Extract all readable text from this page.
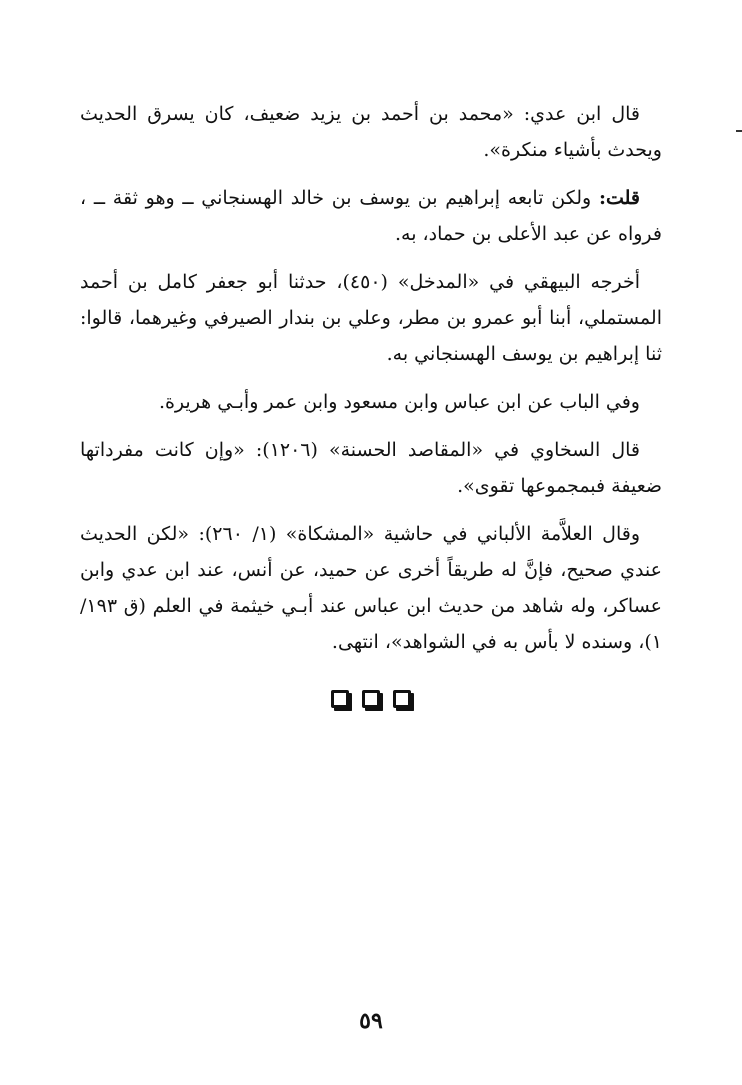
قال ابن عدي: «محمد بن أحمد بن يزيد ضعيف، كان يسرق الحديث ويحدث بأشياء منكرة».

قلت: ولكن تابعه إبراهيم بن يوسف بن خالد الهسنجاني ــ وهو ثقة ــ ، فرواه عن عبد الأعلى بن حماد، به.

أخرجه البيهقي في «المدخل» (٤٥٠)، حدثنا أبو جعفر كامل بن أحمد المستملي، أبنا أبو عمرو بن مطر، وعلي بن بندار الصيرفي وغيرهما، قالوا: ثنا إبراهيم بن يوسف الهسنجاني به.

وفي الباب عن ابن عباس وابن مسعود وابن عمر وأبـي هريرة.

قال السخاوي في «المقاصد الحسنة» (١٢٠٦): «وإن كانت مفرداتها ضعيفة فبمجموعها تقوى».

وقال العلاَّمة الألباني في حاشية «المشكاة» (١/ ٢٦٠): «لكن الحديث عندي صحيح، فإنَّ له طريقاً أخرى عن حميد، عن أنس، عند ابن عدي وابن عساكر، وله شاهد من حديث ابن عباس عند أبـي خيثمة في العلم (ق ١٩٣/ ١)، وسنده لا بأس به في الشواهد»، انتهى.

٥٩
